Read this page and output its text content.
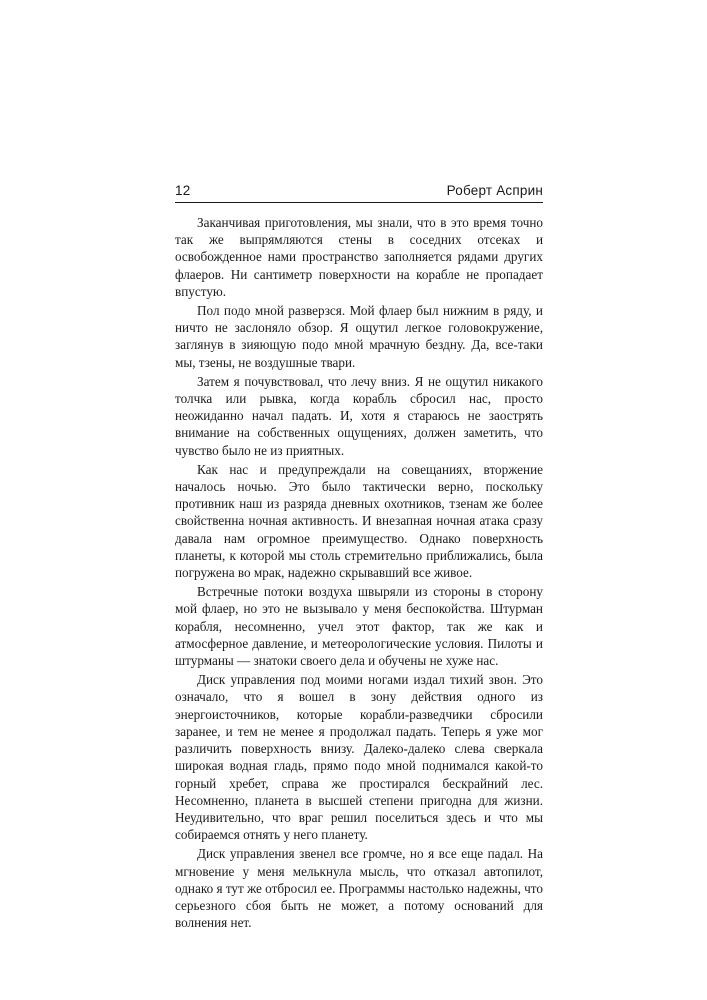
12	Роберт Асприн

Заканчивая приготовления, мы знали, что в это время точно так же выпрямляются стены в соседних отсеках и освобожденное нами пространство заполняется рядами других флаеров. Ни сантиметр поверхности на корабле не пропадает впустую.

Пол подо мной разверзся. Мой флаер был нижним в ряду, и ничто не заслоняло обзор. Я ощутил легкое головокружение, заглянув в зияющую подо мной мрачную бездну. Да, все-таки мы, тзены, не воздушные твари.

Затем я почувствовал, что лечу вниз. Я не ощутил никакого толчка или рывка, когда корабль сбросил нас, просто неожиданно начал падать. И, хотя я стараюсь не заострять внимание на собственных ощущениях, должен заметить, что чувство было не из приятных.

Как нас и предупреждали на совещаниях, вторжение началось ночью. Это было тактически верно, поскольку противник наш из разряда дневных охотников, тзенам же более свойственна ночная активность. И внезапная ночная атака сразу давала нам огромное преимущество. Однако поверхность планеты, к которой мы столь стремительно приближались, была погружена во мрак, надежно скрывавший все живое.

Встречные потоки воздуха швыряли из стороны в сторону мой флаер, но это не вызывало у меня беспокойства. Штурман корабля, несомненно, учел этот фактор, так же как и атмосферное давление, и метеорологические условия. Пилоты и штурманы — знатоки своего дела и обучены не хуже нас.

Диск управления под моими ногами издал тихий звон. Это означало, что я вошел в зону действия одного из энергоисточников, которые корабли-разведчики сбросили заранее, и тем не менее я продолжал падать. Теперь я уже мог различить поверхность внизу. Далеко-далеко слева сверкала широкая водная гладь, прямо подо мной поднимался какой-то горный хребет, справа же простирался бескрайний лес. Несомненно, планета в высшей степени пригодна для жизни. Неудивительно, что враг решил поселиться здесь и что мы собираемся отнять у него планету.

Диск управления звенел все громче, но я все еще падал. На мгновение у меня мелькнула мысль, что отказал автопилот, однако я тут же отбросил ее. Программы настолько надежны, что серьезного сбоя быть не может, а потому оснований для волнения нет.
